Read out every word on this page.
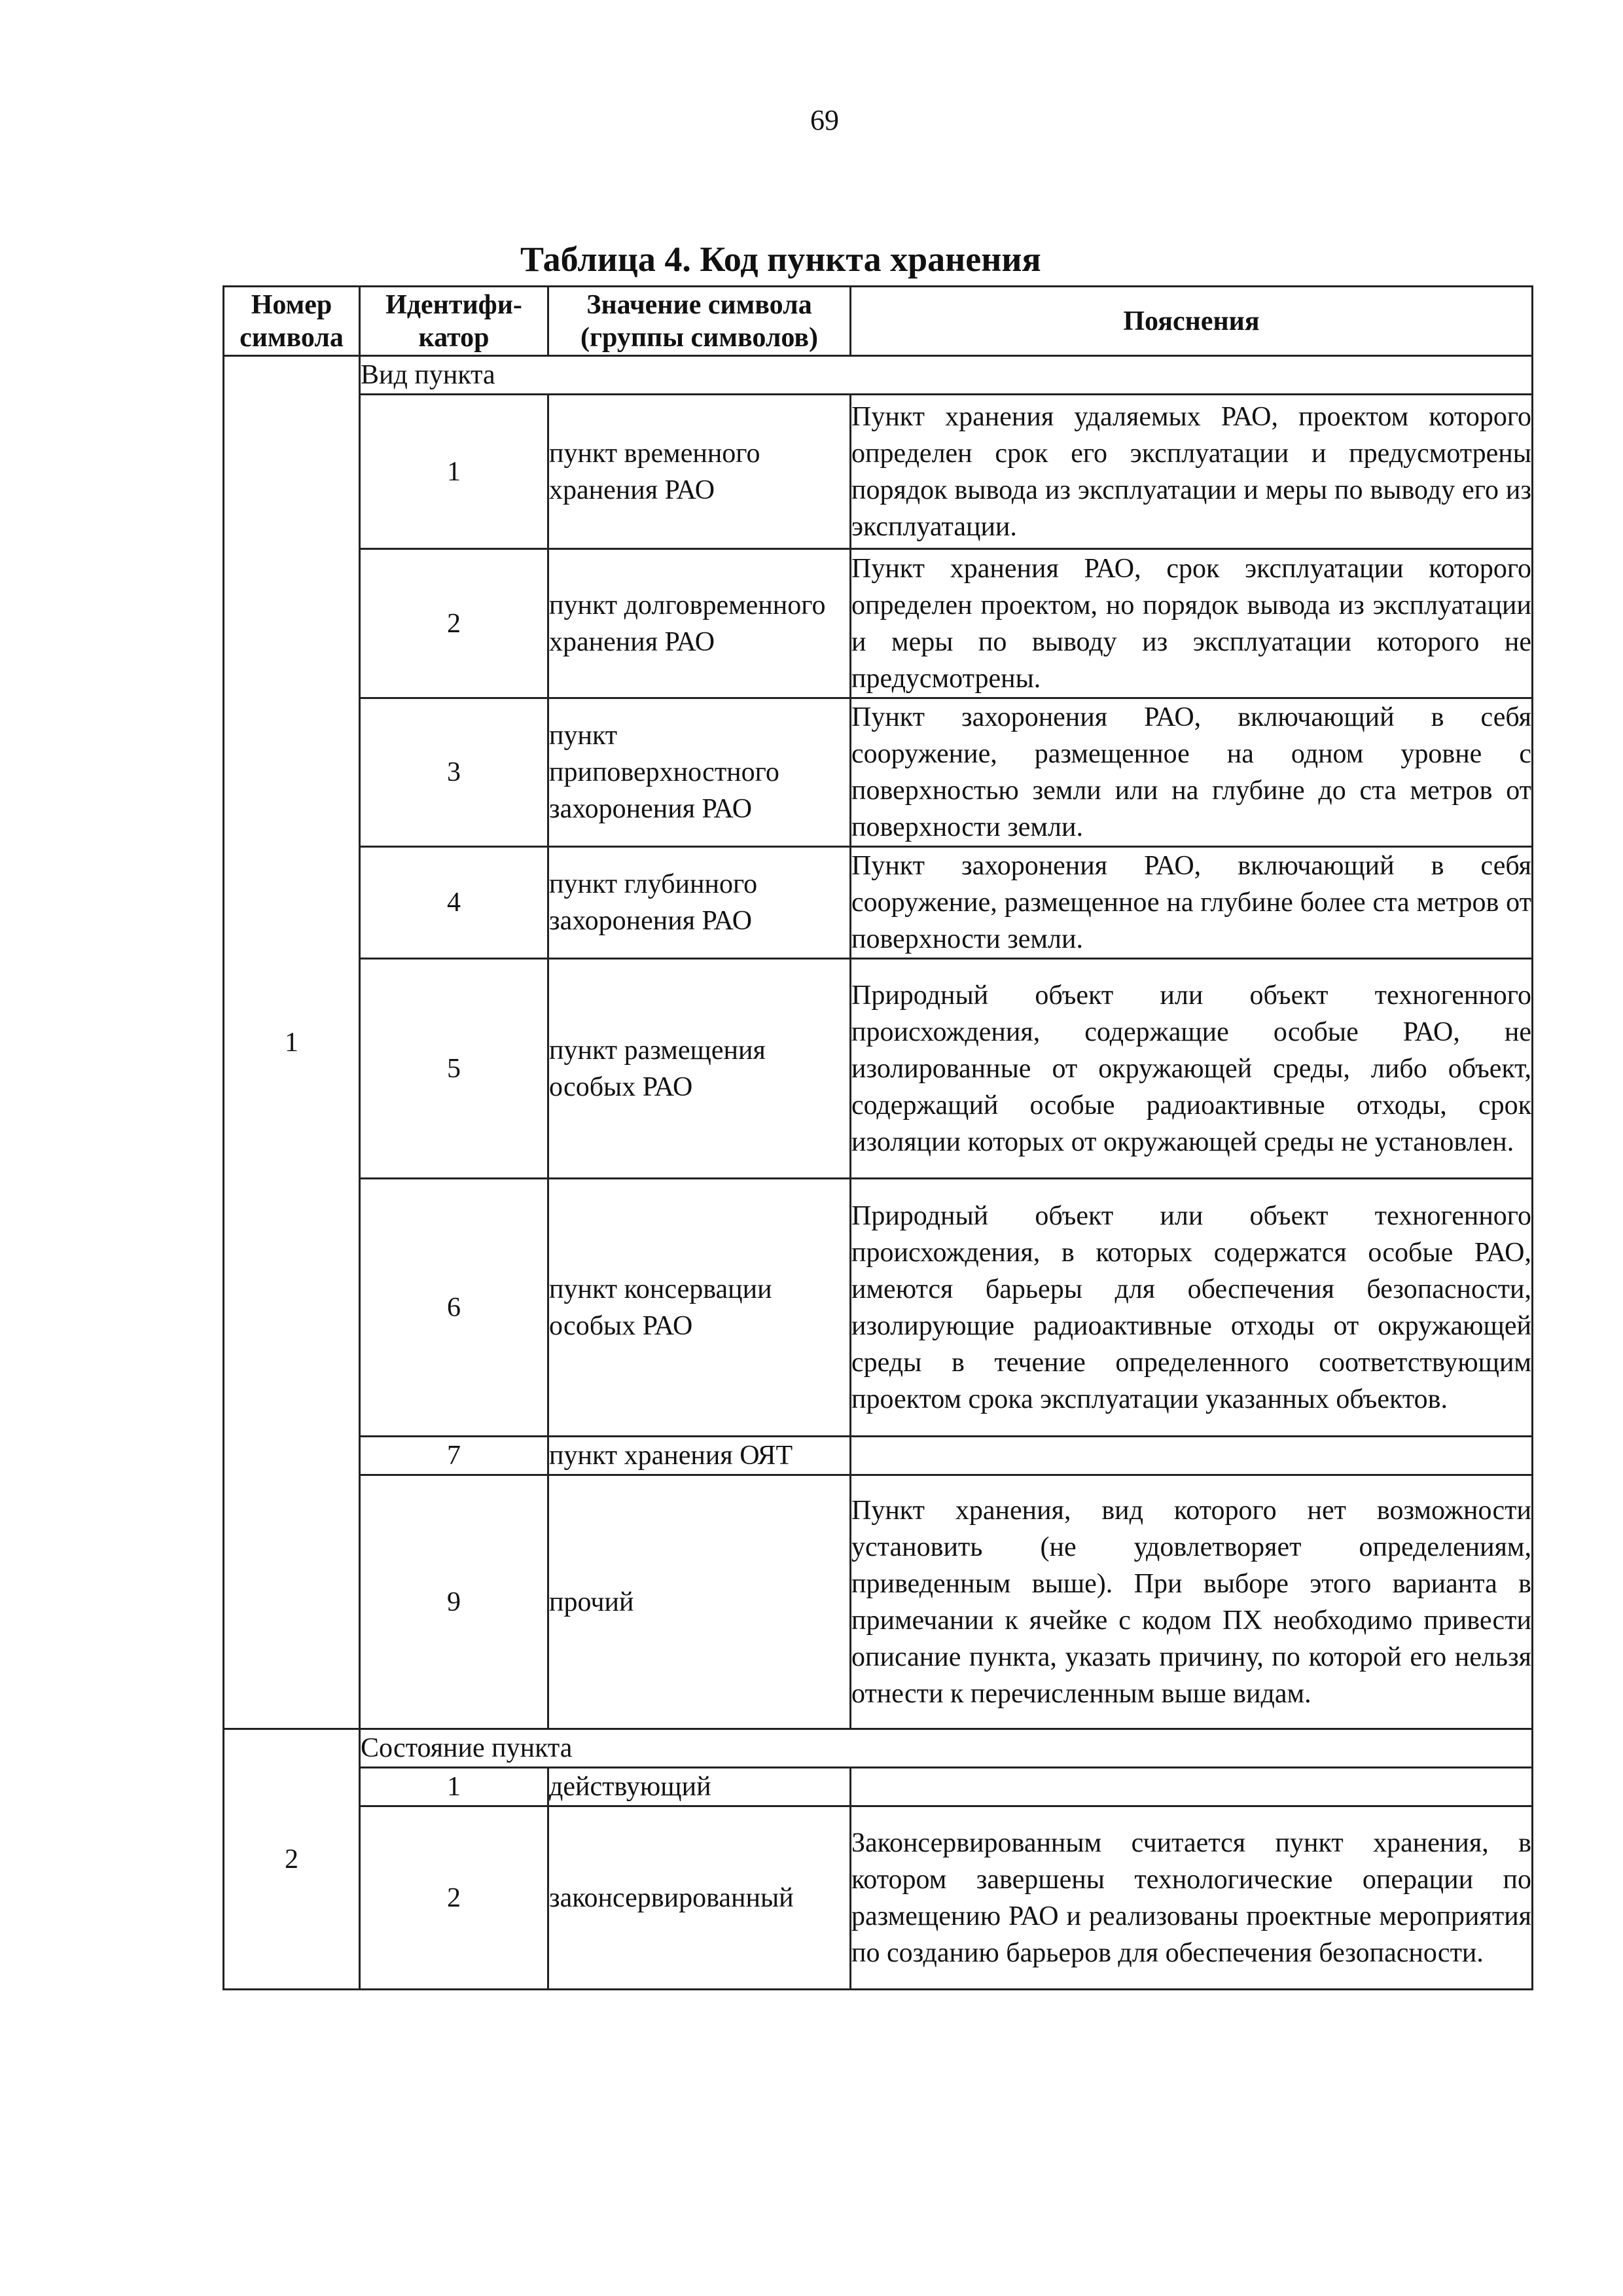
69
Таблица 4. Код пункта хранения
Номер символа	Идентифи-катор	Значение символа (группы символов)	Пояснения
1	Вид пункта		
	1	пункт временного хранения РАО	Пункт хранения удаляемых РАО, проектом которого определен срок его эксплуатации и предусмотрены порядок вывода из эксплуатации и меры по выводу его из эксплуатации.
	2	пункт долговременного хранения РАО	Пункт хранения РАО, срок эксплуатации которого определен проектом, но порядок вывода из эксплуатации и меры по выводу из эксплуатации которого не предусмотрены.
	3	пункт приповерхностного захоронения РАО	Пункт захоронения РАО, включающий в себя сооружение, размещенное на одном уровне с поверхностью земли или на глубине до ста метров от поверхности земли.
	4	пункт глубинного захоронения РАО	Пункт захоронения РАО, включающий в себя сооружение, размещенное на глубине более ста метров от поверхности земли.
	5	пункт размещения особых РАО	Природный объект или объект техногенного происхождения, содержащие особые РАО, не изолированные от окружающей среды, либо объект, содержащий особые радиоактивные отходы, срок изоляции которых от окружающей среды не установлен.
	6	пункт консервации особых РАО	Природный объект или объект техногенного происхождения, в которых содержатся особые РАО, имеются барьеры для обеспечения безопасности, изолирующие радиоактивные отходы от окружающей среды в течение определенного соответствующим проектом срока эксплуатации указанных объектов.
	7	пункт хранения ОЯТ	
	9	прочий	Пункт хранения, вид которого нет возможности установить (не удовлетворяет определениям, приведенным выше). При выборе этого варианта в примечании к ячейке с кодом ПХ необходимо привести описание пункта, указать причину, по которой его нельзя отнести к перечисленным выше видам.
2	Состояние пункта		
	1	действующий	
	2	законсервированный	Законсервированным считается пункт хранения, в котором завершены технологические операции по размещению РАО и реализованы проектные мероприятия по созданию барьеров для обеспечения безопасности.
